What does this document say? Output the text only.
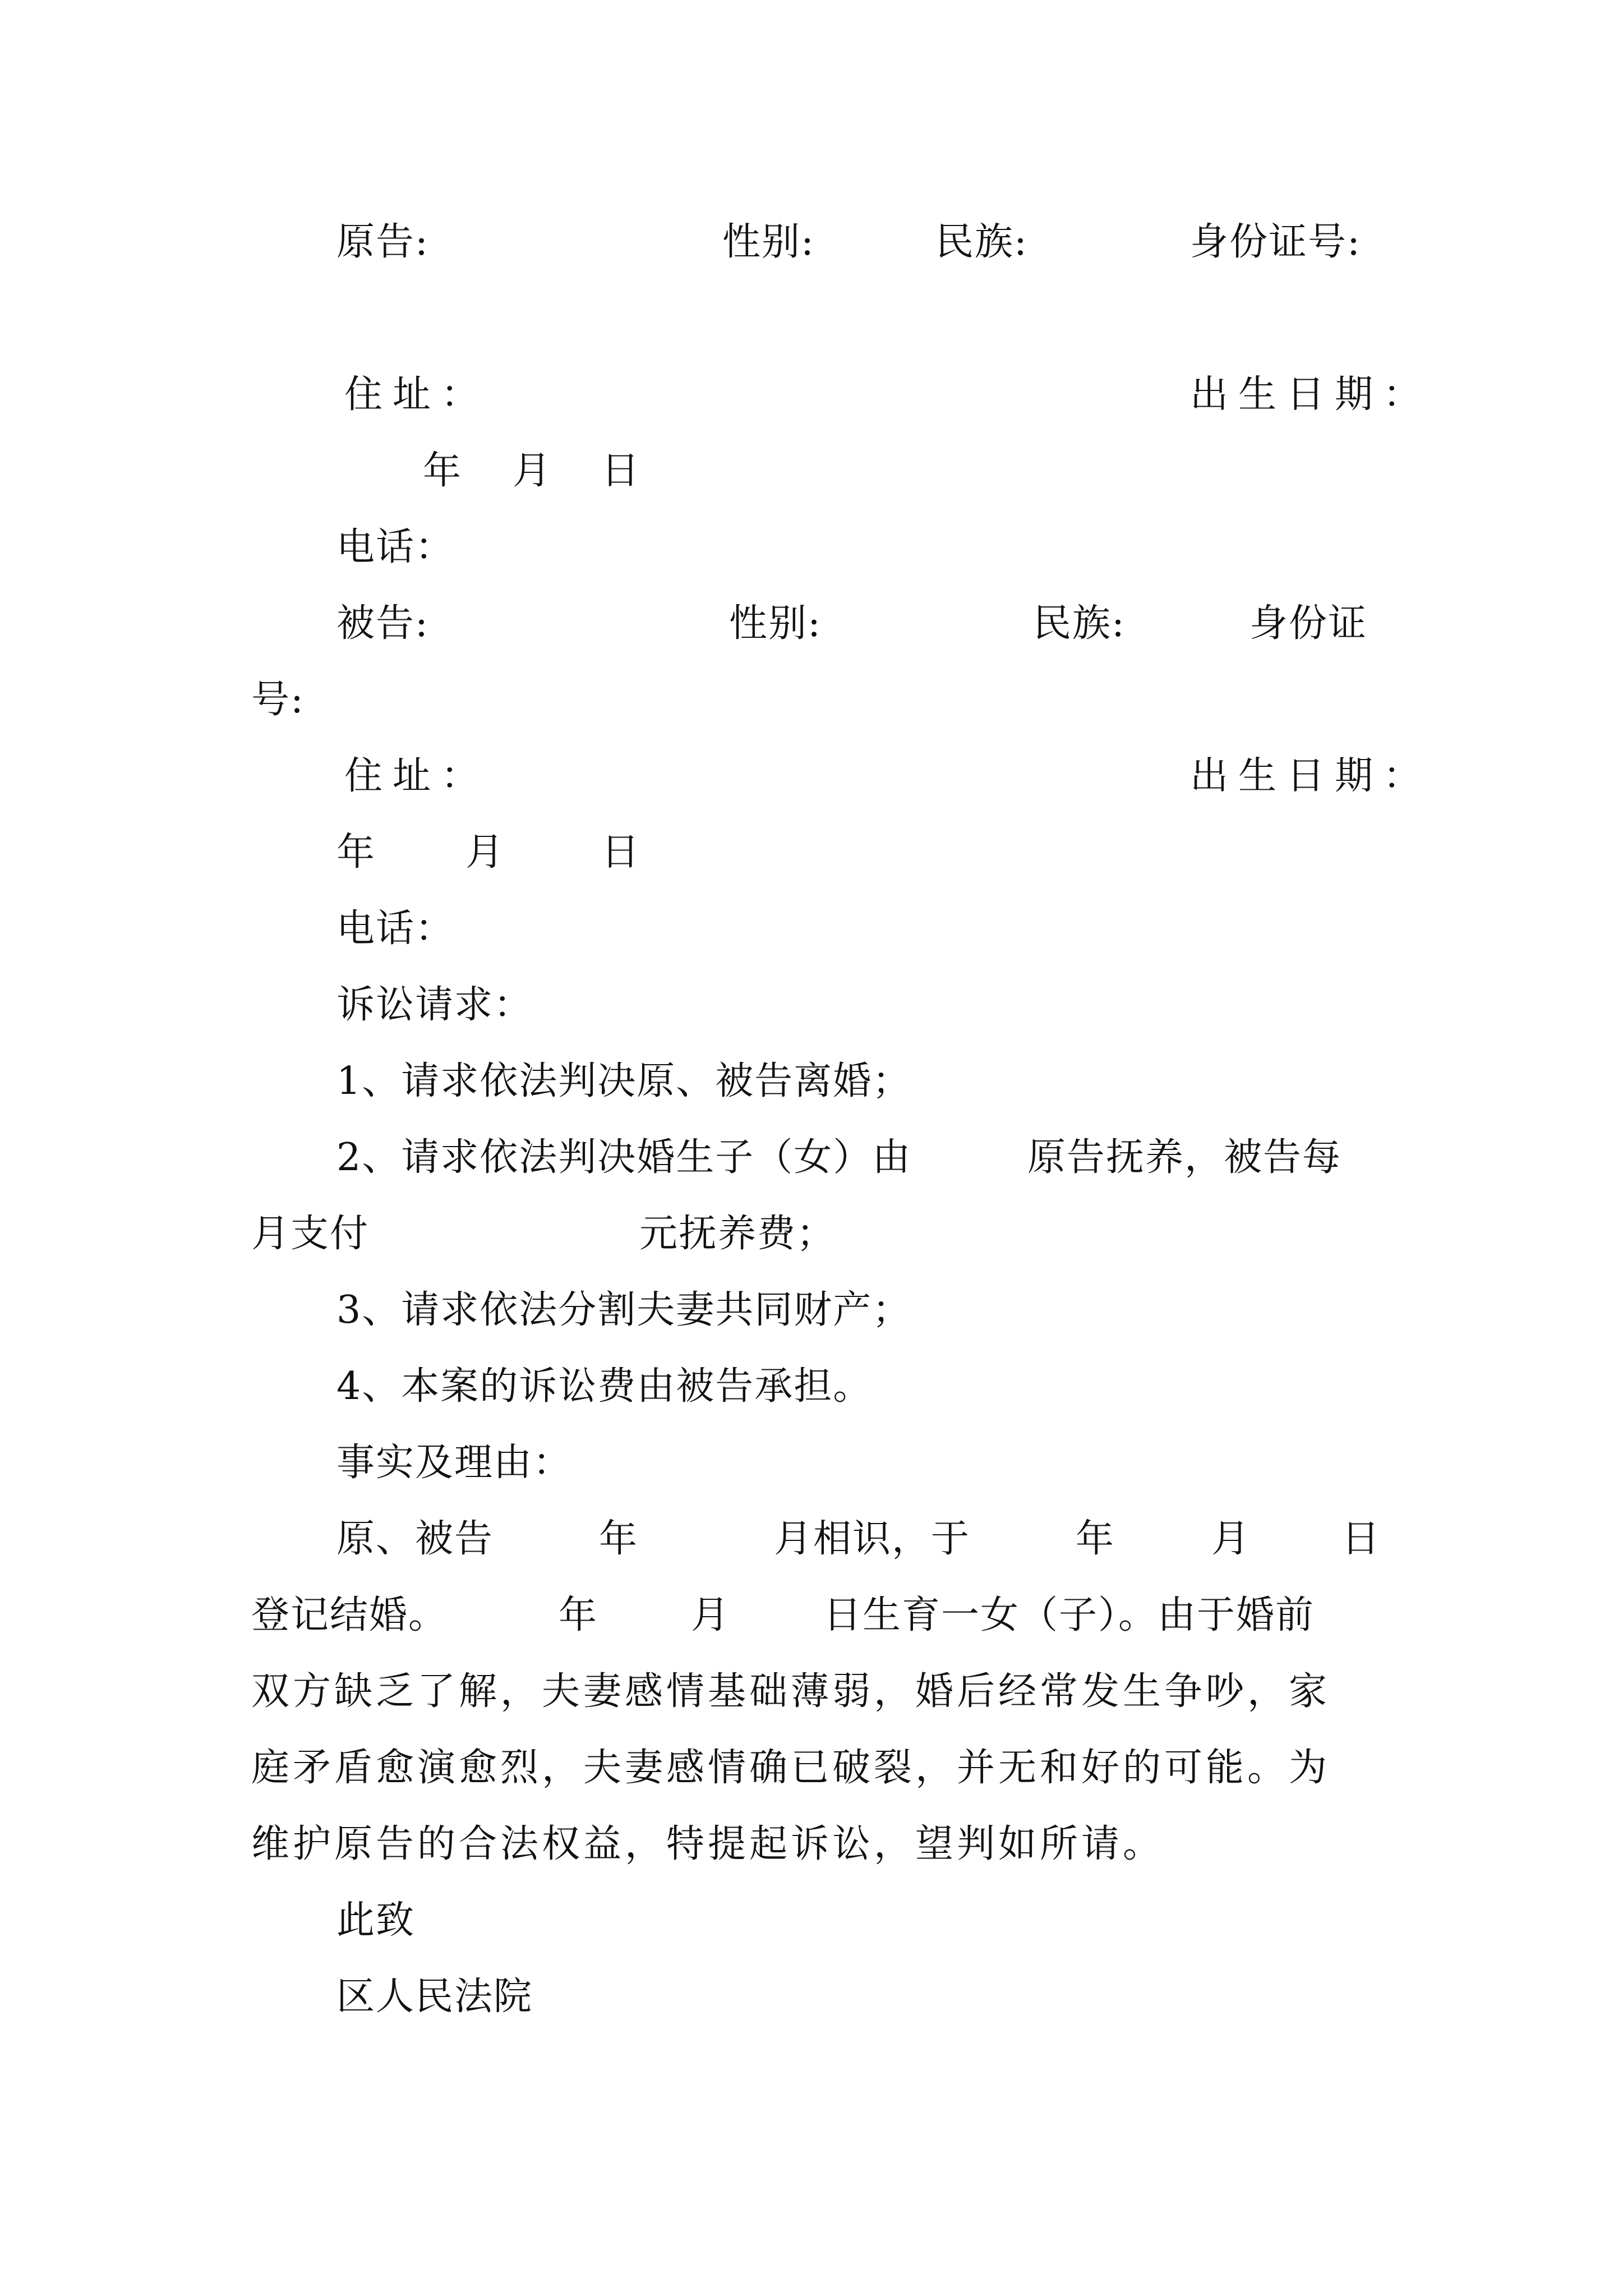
原告:	性别:	民族:	身份证号:
住址：	出生日期：
年 月 日
电话：
被告:	性别:	民族:	身份证
号:
住址：	出生日期：
年 月	日
电话：
诉讼请求：
1、请求依法判决原、被告离婚；
2、请求依法判决婚生子（女）由	原告抚养，被告每
月支付	元抚养费；
3、请求依法分割夫妻共同财产；
4、本案的诉讼费由被告承担。
事实及理由：
原、被告	年	月相识，于	年	月 日
登记结婚。	年 月 日生育一女（子）。由于婚前
双方缺乏了解，夫妻感情基础薄弱，婚后经常发生争吵，家
庭矛盾愈演愈烈，夫妻感情确已破裂，并无和好的可能。为
维护原告的合法权益，特提起诉讼，望判如所请。
此致
区人民法院
